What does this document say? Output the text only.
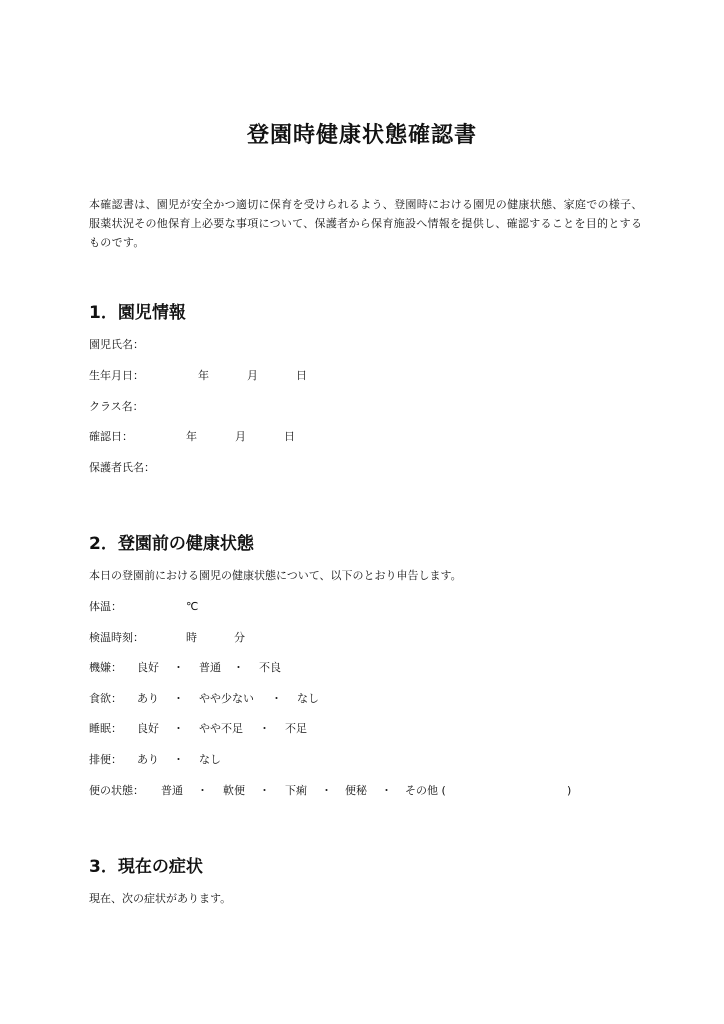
登園時健康状態確認書
本確認書は、園児が安全かつ適切に保育を受けられるよう、登園時における園児の健康状態、家庭での様子、服薬状況その他保育上必要な事項について、保護者から保育施設へ情報を提供し、確認することを目的とするものです。
1．園児情報
園児氏名：
生年月日：	年	月	日
クラス名：
確認日：	年	月	日
保護者氏名：
2．登園前の健康状態
本日の登園前における園児の健康状態について、以下のとおり申告します。
体温：	℃
検温時刻：	時	分
機嫌： 良好 ・ 普通 ・ 不良
食欲： あり ・ やや少ない ・ なし
睡眠： 良好 ・ やや不足 ・ 不足
排便： あり ・ なし
便の状態： 普通 ・ 軟便 ・ 下痢 ・ 便秘 ・ その他 (	)
3．現在の症状
現在、次の症状があります。
